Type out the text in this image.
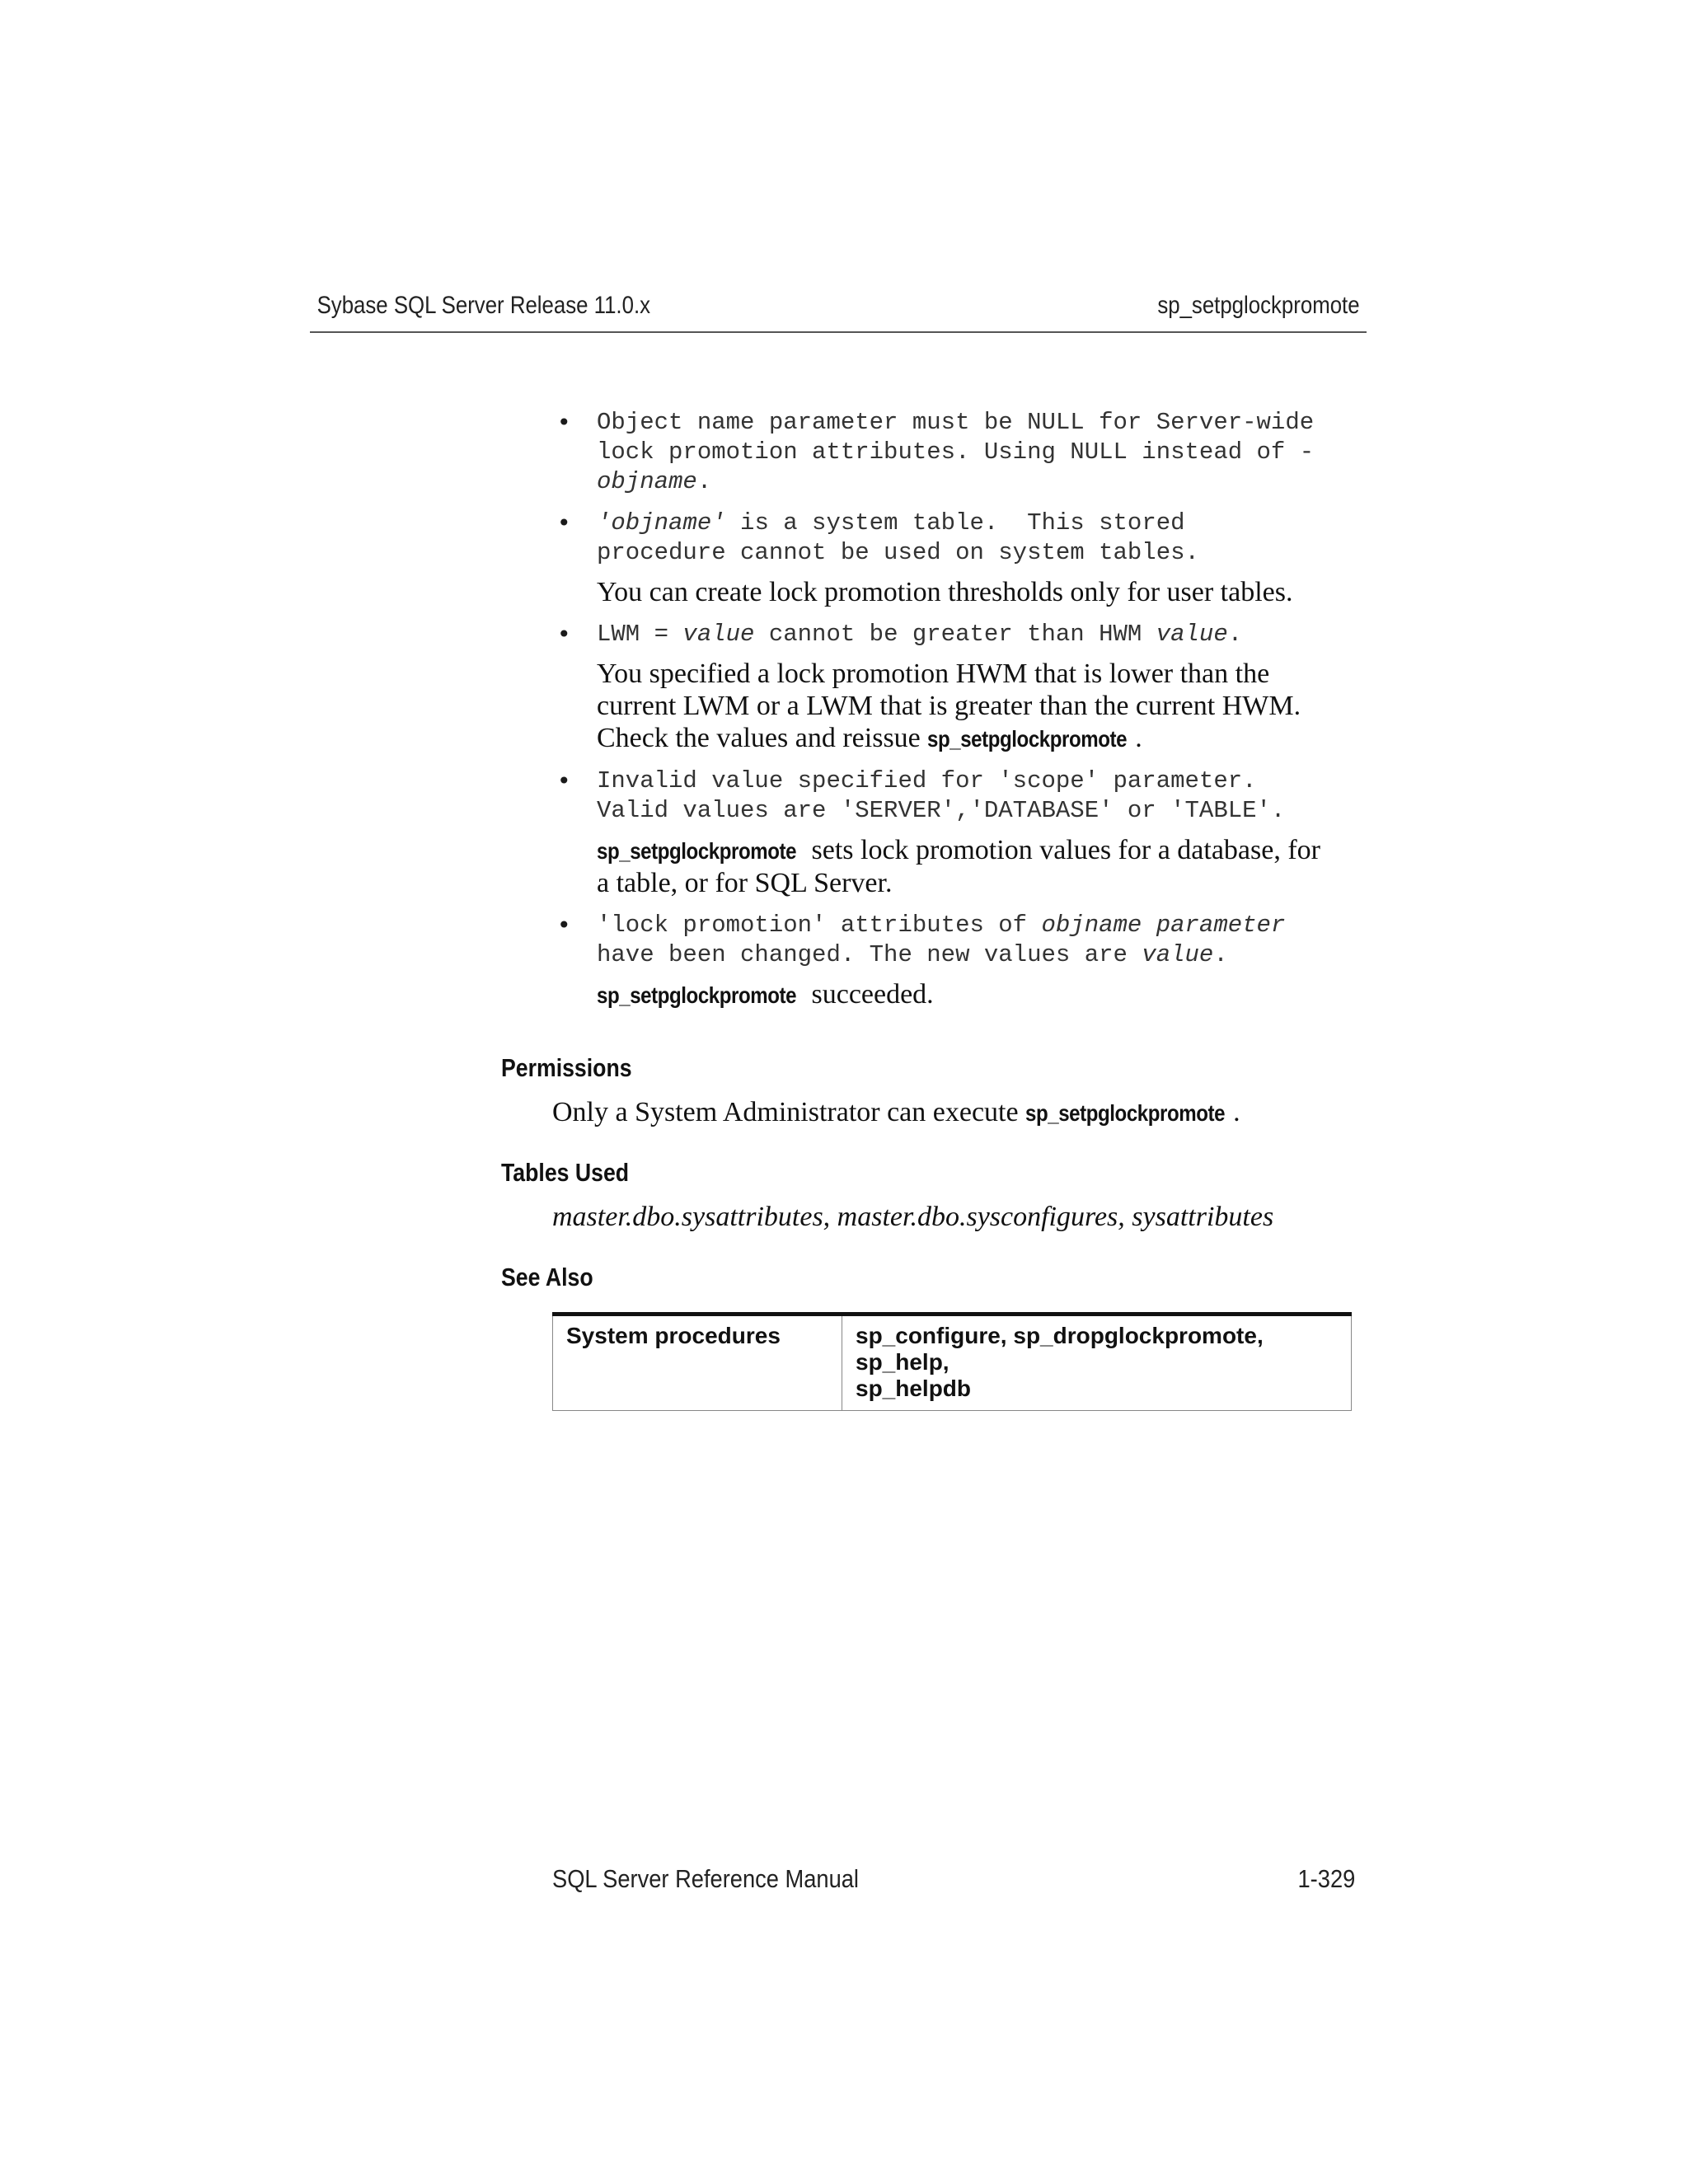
Sybase SQL Server Release 11.0.x	sp_setpglockpromote
• Object name parameter must be NULL for Server-wide
lock promotion attributes. Using NULL instead of -
objname.
• 'objname' is a system table.  This stored
procedure cannot be used on system tables.
You can create lock promotion thresholds only for user tables.
• LWM = value cannot be greater than HWM value.
You specified a lock promotion HWM that is lower than the
current LWM or a LWM that is greater than the current HWM.
Check the values and reissue sp_setpglockpromote .
• Invalid value specified for 'scope' parameter.
Valid values are 'SERVER','DATABASE' or 'TABLE'.
sp_setpglockpromote sets lock promotion values for a database, for
a table, or for SQL Server.
• 'lock promotion' attributes of objname parameter
have been changed. The new values are value.
sp_setpglockpromote succeeded.
Permissions
Only a System Administrator can execute sp_setpglockpromote .
Tables Used
master.dbo.sysattributes, master.dbo.sysconfigures, sysattributes
See Also
System procedures	sp_configure, sp_dropglockpromote, sp_help,
sp_helpdb
SQL Server Reference Manual	1-329
